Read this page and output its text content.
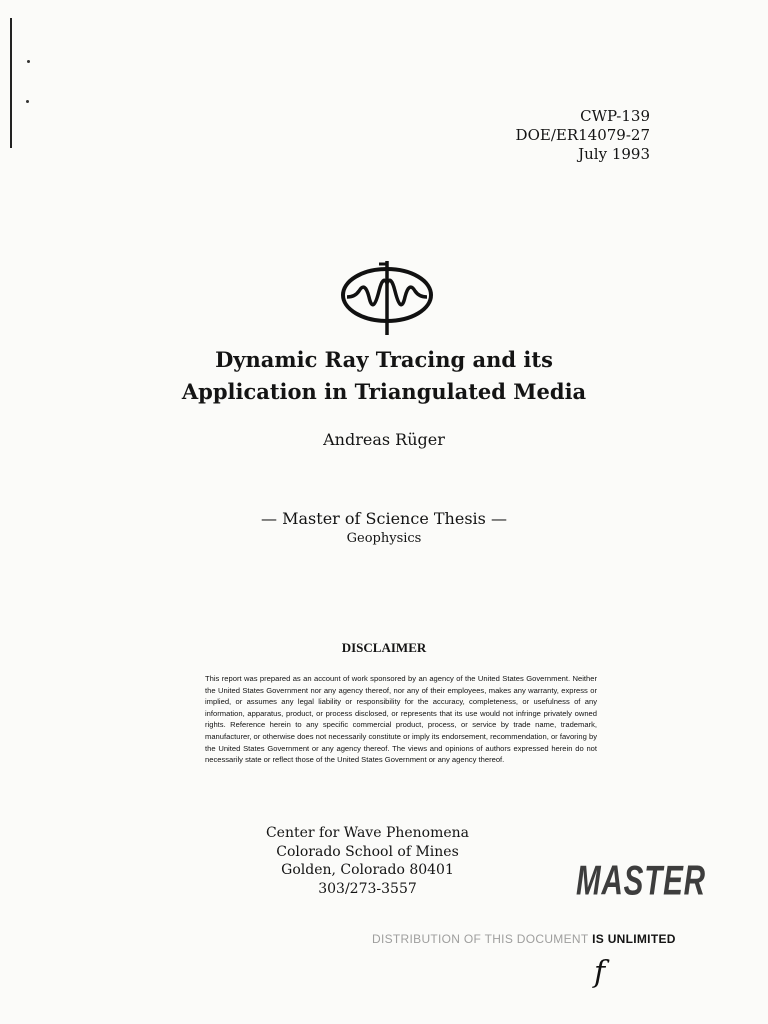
CWP-139
DOE/ER14079-27
July 1993
Dynamic Ray Tracing and its
Application in Triangulated Media
Andreas Rüger
— Master of Science Thesis —
Geophysics
DISCLAIMER
This report was prepared as an account of work sponsored by an agency of the United States Government. Neither the United States Government nor any agency thereof, nor any of their employees, makes any warranty, express or implied, or assumes any legal liability or responsibility for the accuracy, completeness, or usefulness of any information, apparatus, product, or process disclosed, or represents that its use would not infringe privately owned rights. Reference herein to any specific commercial product, process, or service by trade name, trademark, manufacturer, or otherwise does not necessarily constitute or imply its endorsement, recommendation, or favoring by the United States Government or any agency thereof. The views and opinions of authors expressed herein do not necessarily state or reflect those of the United States Government or any agency thereof.
Center for Wave Phenomena
Colorado School of Mines
Golden, Colorado 80401
303/273-3557	MASTER
DISTRIBUTION OF THIS DOCUMENT IS UNLIMITED
f
